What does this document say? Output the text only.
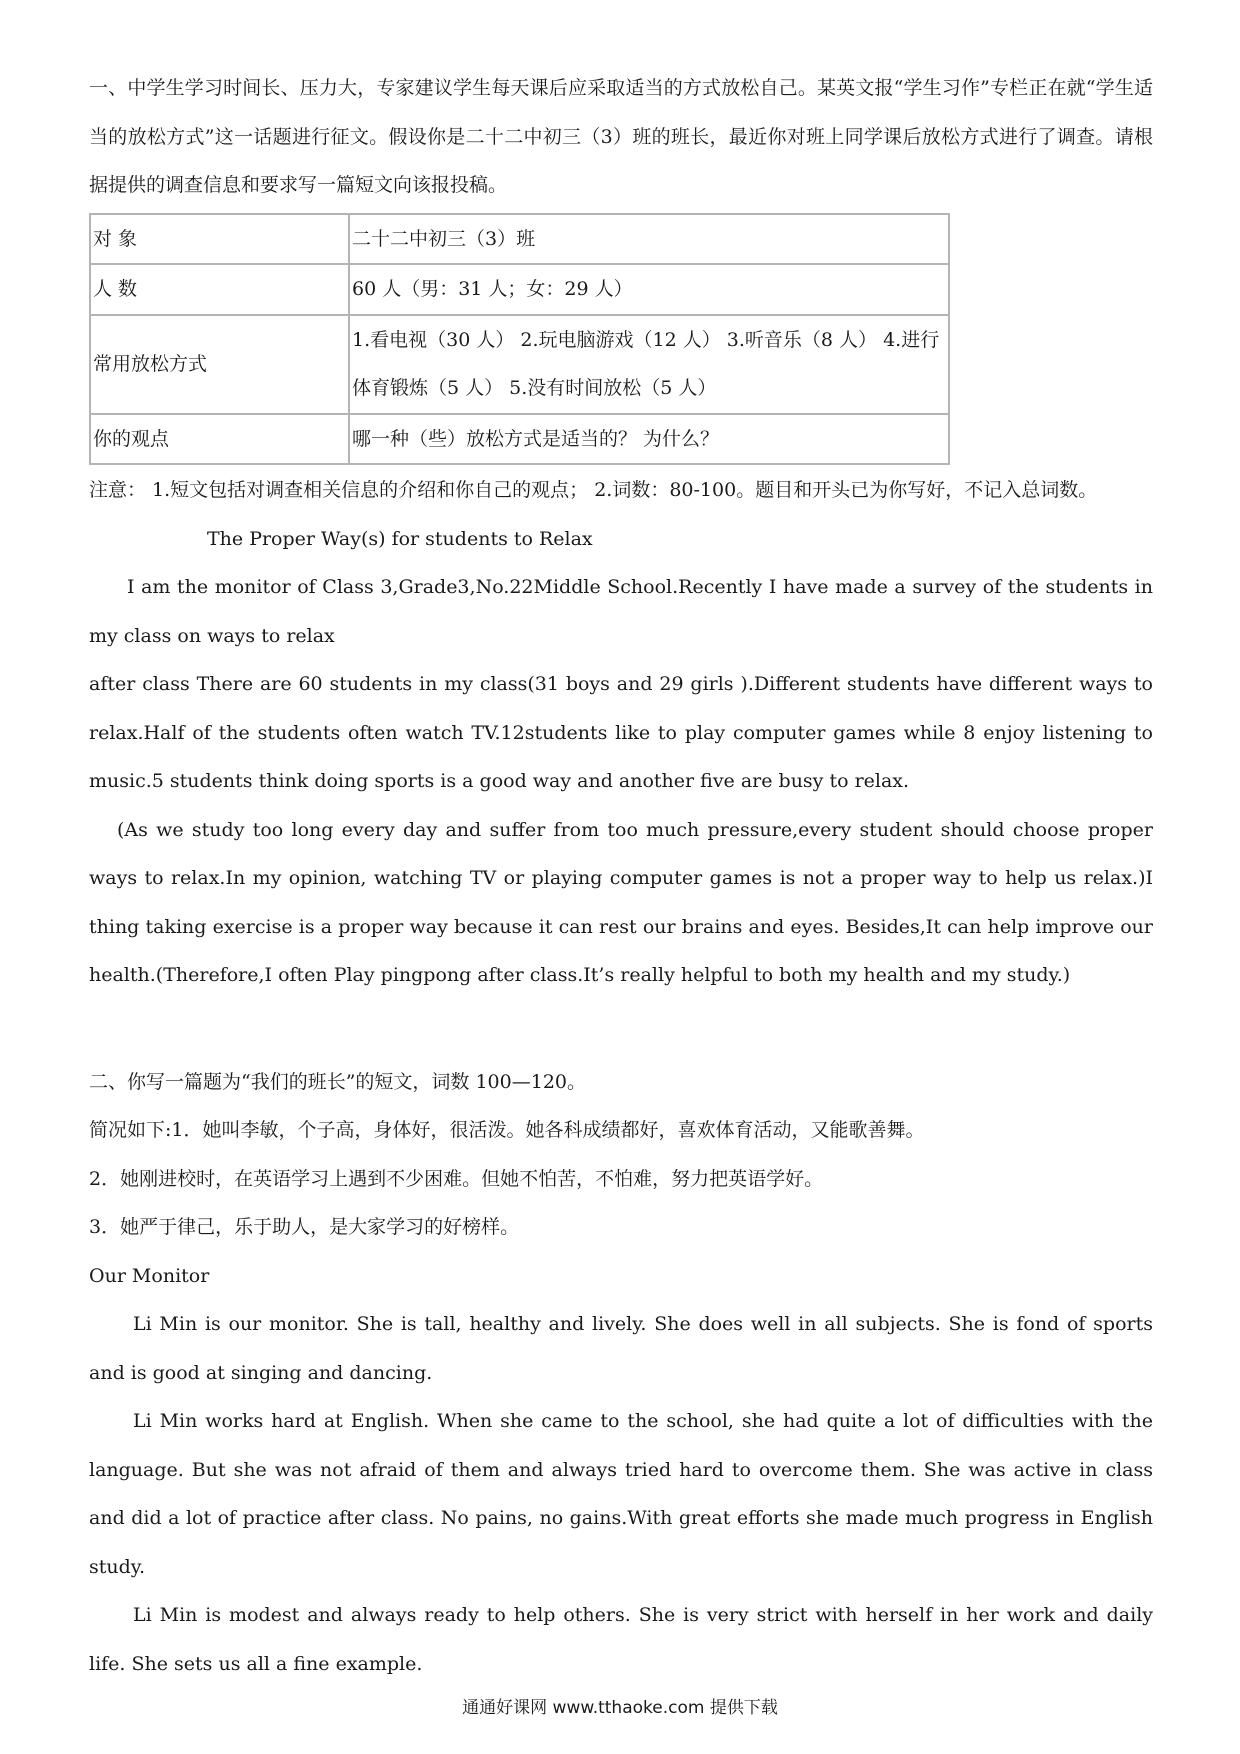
一、中学生学习时间长、压力大，专家建议学生每天课后应采取适当的方式放松自己。某英文报“学生习作”专栏正在就“学生适当的放松方式”这一话题进行征文。假设你是二十二中初三（3）班的班长，最近你对班上同学课后放松方式进行了调查。请根据提供的调查信息和要求写一篇短文向该报投稿。

对 象	二十二中初三（3）班
人 数	60 人（男：31 人；女：29 人）
常用放松方式	1.看电视（30 人） 2.玩电脑游戏（12 人） 3.听音乐（8 人） 4.进行体育锻炼（5 人） 5.没有时间放松（5 人）
你的观点	哪一种（些）放松方式是适当的？ 为什么？

注意： 1.短文包括对调查相关信息的介绍和你自己的观点； 2.词数：80-100。题目和开头已为你写好，不记入总词数。

The Proper Way(s) for students to Relax

I am the monitor of Class 3,Grade3,No.22Middle School.Recently I have made a survey of the students in my class on ways to relax

after class There are 60 students in my class(31 boys and 29 girls ).Different students have different ways to relax.Half of the students often watch TV.12students like to play computer games while 8 enjoy listening to music.5 students think doing sports is a good way and another five are busy to relax.

(As we study too long every day and suffer from too much pressure,every student should choose proper ways to relax.In my opinion, watching TV or playing computer games is not a proper way to help us relax.)I thing taking exercise is a proper way because it can rest our brains and eyes. Besides,It can help improve our health.(Therefore,I often Play pingpong after class.It’s really helpful to both my health and my study.)

二、你写一篇题为“我们的班长”的短文，词数 100—120。

简况如下:1．她叫李敏，个子高，身体好，很活泼。她各科成绩都好，喜欢体育活动，又能歌善舞。

2．她刚进校时，在英语学习上遇到不少困难。但她不怕苦，不怕难，努力把英语学好。

3．她严于律己，乐于助人，是大家学习的好榜样。

Our Monitor

Li Min is our monitor. She is tall, healthy and lively. She does well in all subjects. She is fond of sports and is good at singing and dancing.

Li Min works hard at English. When she came to the school, she had quite a lot of difficulties with the language. But she was not afraid of them and always tried hard to overcome them. She was active in class and did a lot of practice after class. No pains, no gains.With great efforts she made much progress in English study.

Li Min is modest and always ready to help others. She is very strict with herself in her work and daily life. She sets us all a fine example.

通通好课网 www.tthaoke.com 提供下载
